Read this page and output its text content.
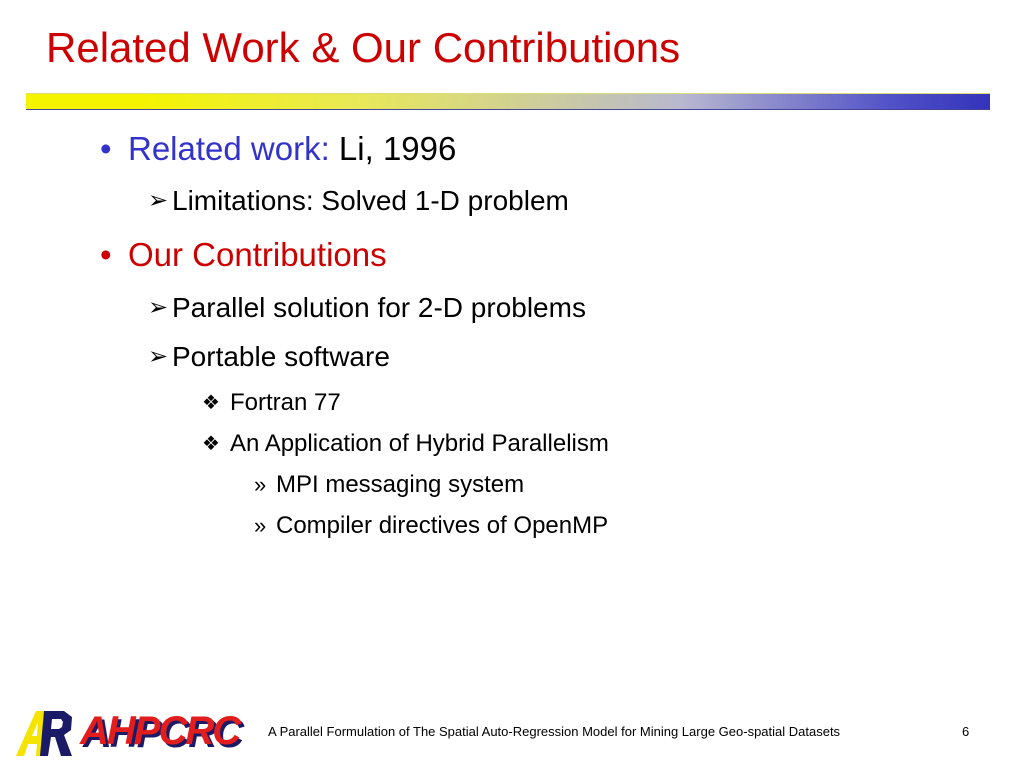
Related Work & Our Contributions
• Related work: Li, 1996
➢ Limitations: Solved 1-D problem
• Our Contributions
➢ Parallel solution for 2-D problems
➢ Portable software
❖ Fortran 77
❖ An Application of Hybrid Parallelism
» MPI messaging system
» Compiler directives of OpenMP
AHPCRC A Parallel Formulation of The Spatial Auto-Regression Model for Mining Large Geo-spatial Datasets	6
